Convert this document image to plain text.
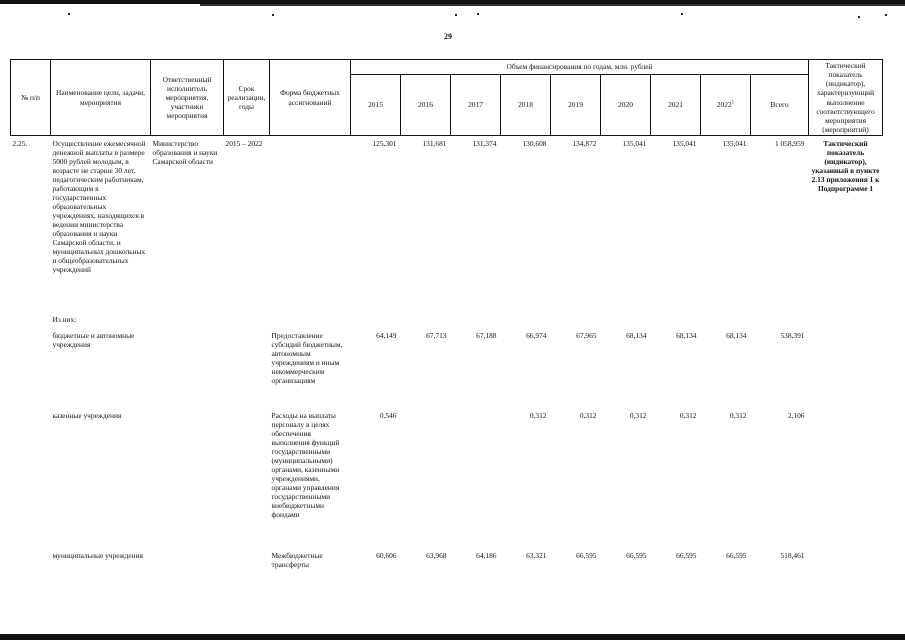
29
№ п/п	Наименование цели, задачи, мероприятия	Ответственный исполнитель мероприятия, участники мероприятия	Срок реализации, годы	Форма бюджетных ассигнований	Объем финансирования по годам, млн. рублей									Тактический показатель (индикатор), характеризующий выполнение соответствующего мероприятия (мероприятий)
					2015	2016	2017	2018	2019	2020	2021	2022$^1$	Всего	
2.25.	Осуществление ежемесячной денежной выплаты в размере 5000 рублей молодым, в возрасте не старше 30 лет, педагогическим работникам, работающим в государственных образовательных учреждениях, находящихся в ведении министерства образования и науки Самарской области, и муниципальных дошкольных и общеобразовательных учреждений	Министерство образования и науки Самарской области	2015 – 2022		125,301	131,681	131,374	130,608	134,872	135,041	135,041	135,041	1 058,959	Тактический показатель (индикатор), указанный в пункте 2.13 приложения 1 к Подпрограмме 1
	Из них:													
	бюджетные и автономные учреждения			Предоставление субсидий бюджетным, автономным учреждениям и иным некоммерческим организациям	64,149	67,713	67,188	66,974	67,965	68,134	68,134	68,134	538,391	
	казенные учреждения			Расходы на выплаты персоналу в целях обеспечения выполнения функций государственными (муниципальными) органами, казенными учреждениями, органами управления государственными внебюджетными фондами	0,546			0,312	0,312	0,312	0,312	0,312	2,106	
	муниципальные учреждения			Межбюджетные трансферты	60,606	63,968	64,186	63,321	66,595	66,595	66,595	66,595	518,461	
